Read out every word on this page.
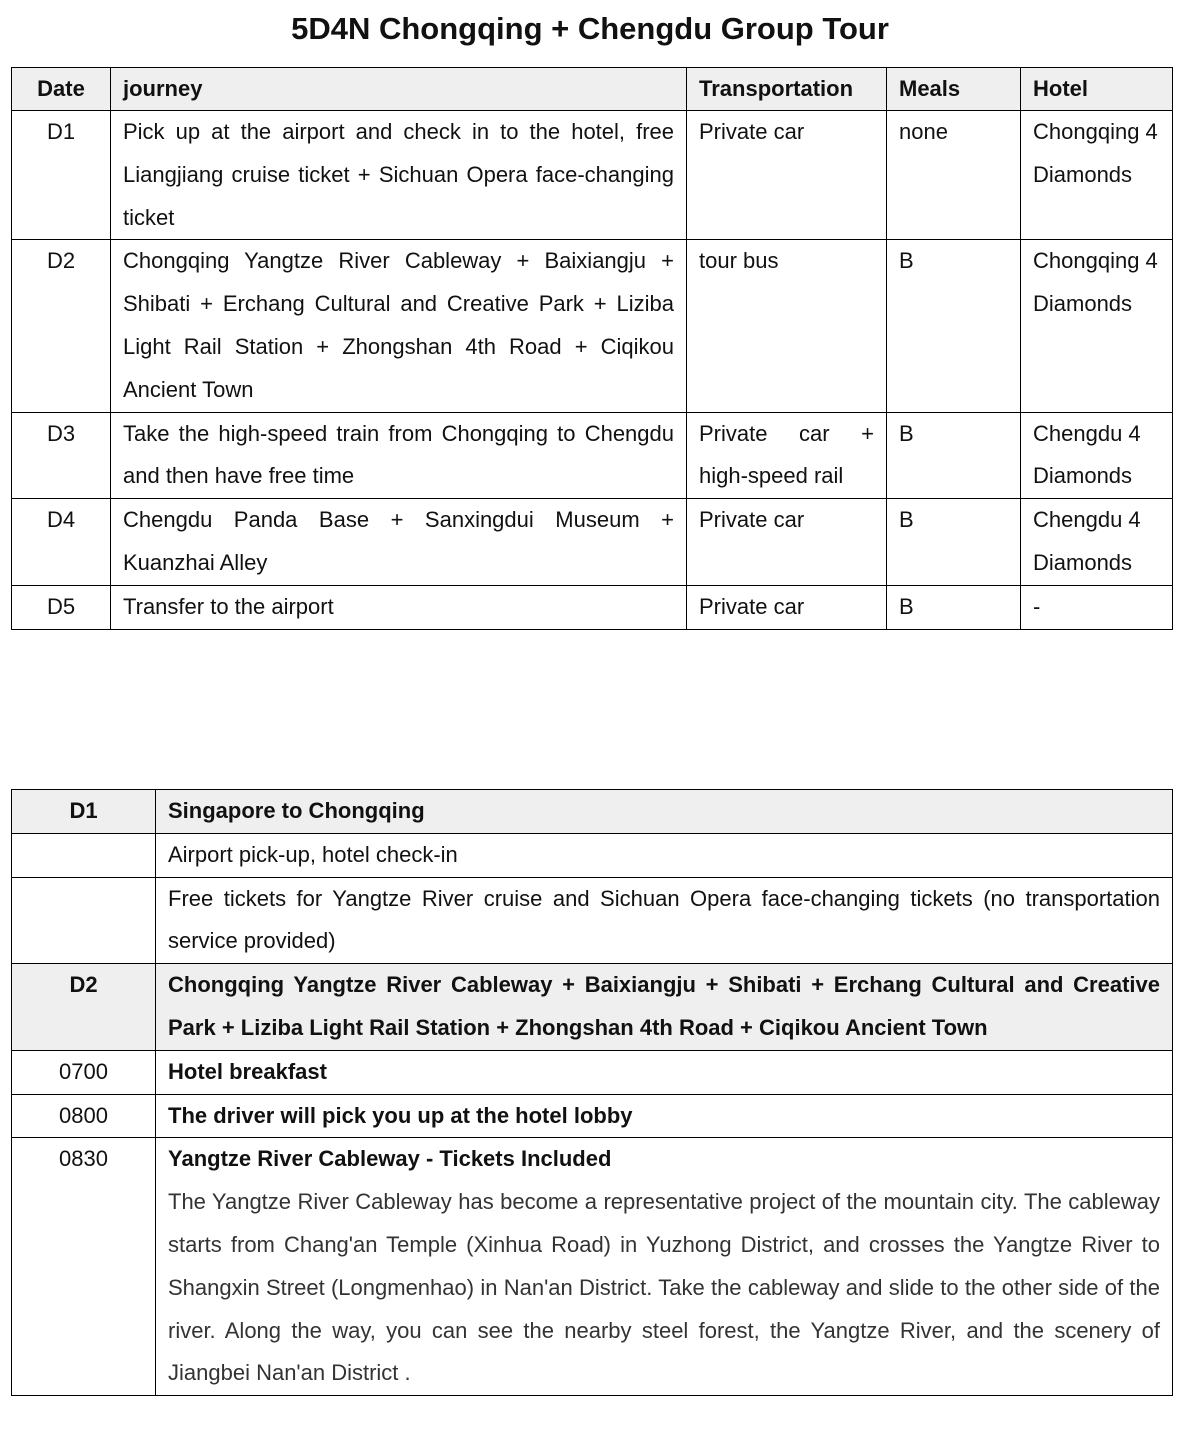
5D4N Chongqing + Chengdu Group Tour
Date	journey	Transportation	Meals	Hotel
D1	Pick up at the airport and check in to the hotel, free Liangjiang cruise ticket + Sichuan Opera face-changing ticket	Private car	none	Chongqing 4 Diamonds
D2	Chongqing Yangtze River Cableway + Baixiangju + Shibati + Erchang Cultural and Creative Park + Liziba Light Rail Station + Zhongshan 4th Road + Ciqikou Ancient Town	tour bus	B	Chongqing 4 Diamonds
D3	Take the high-speed train from Chongqing to Chengdu and then have free time	Private car + high-speed rail	B	Chengdu 4 Diamonds
D4	Chengdu Panda Base + Sanxingdui Museum + Kuanzhai Alley	Private car	B	Chengdu 4 Diamonds
D5	Transfer to the airport	Private car	B	-
D1	Singapore to Chongqing
	Airport pick-up, hotel check-in
	Free tickets for Yangtze River cruise and Sichuan Opera face-changing tickets (no transportation service provided)
D2	Chongqing Yangtze River Cableway + Baixiangju + Shibati + Erchang Cultural and Creative Park + Liziba Light Rail Station + Zhongshan 4th Road + Ciqikou Ancient Town
0700	Hotel breakfast
0800	The driver will pick you up at the hotel lobby
0830	Yangtze River Cableway - Tickets Included
The Yangtze River Cableway has become a representative project of the mountain city. The cableway starts from Chang'an Temple (Xinhua Road) in Yuzhong District, and crosses the Yangtze River to Shangxin Street (Longmenhao) in Nan'an District. Take the cableway and slide to the other side of the river. Along the way, you can see the nearby steel forest, the Yangtze River, and the scenery of Jiangbei Nan'an District .
